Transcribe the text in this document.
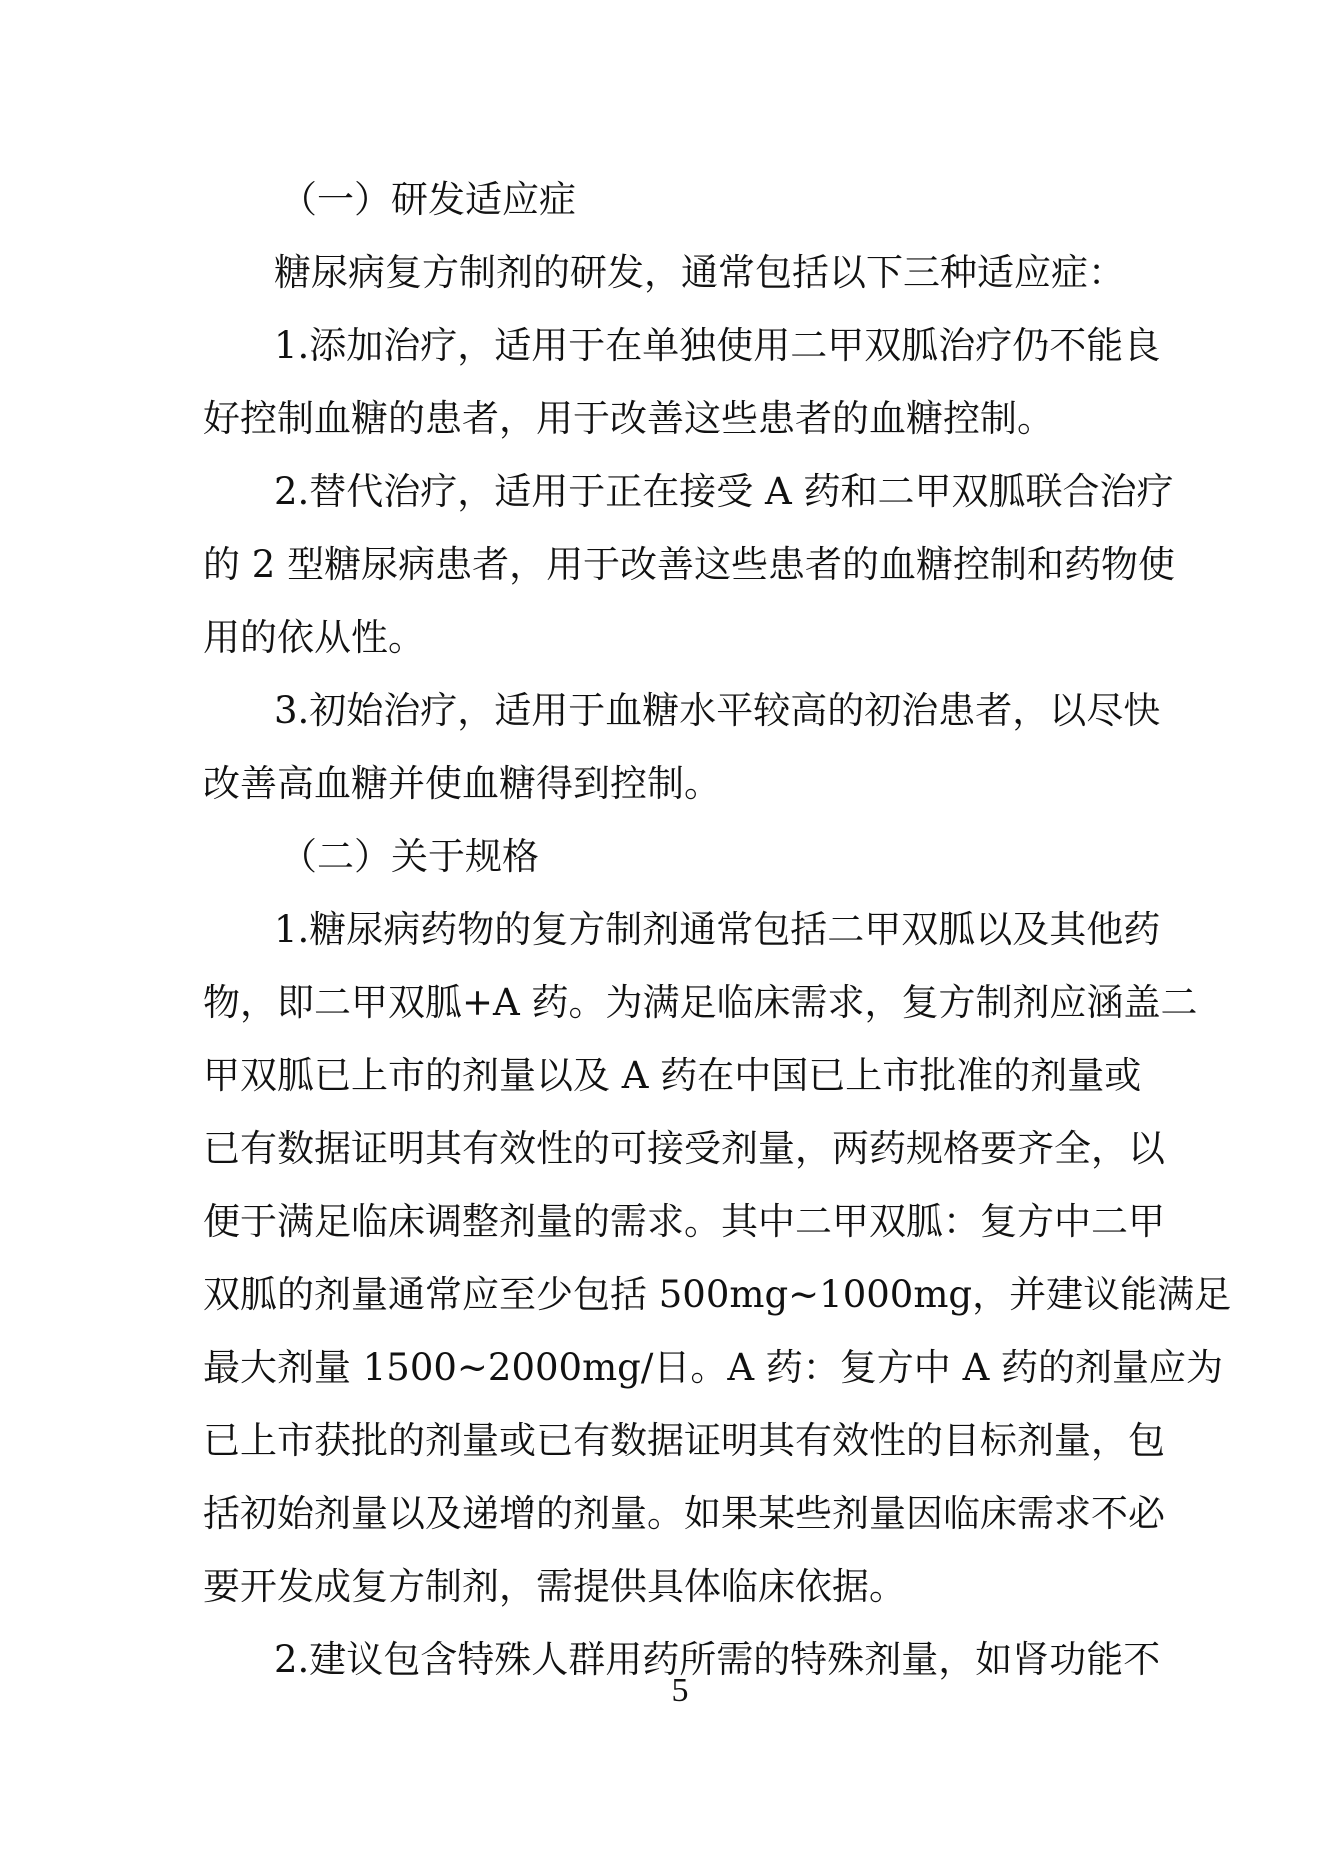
（一）研发适应症

糖尿病复方制剂的研发，通常包括以下三种适应症：

1.添加治疗，适用于在单独使用二甲双胍治疗仍不能良

好控制血糖的患者，用于改善这些患者的血糖控制。

2.替代治疗，适用于正在接受 A 药和二甲双胍联合治疗

的 2 型糖尿病患者，用于改善这些患者的血糖控制和药物使

用的依从性。

3.初始治疗，适用于血糖水平较高的初治患者，以尽快

改善高血糖并使血糖得到控制。

（二）关于规格

1.糖尿病药物的复方制剂通常包括二甲双胍以及其他药

物，即二甲双胍+A 药。为满足临床需求，复方制剂应涵盖二

甲双胍已上市的剂量以及 A 药在中国已上市批准的剂量或

已有数据证明其有效性的可接受剂量，两药规格要齐全，以

便于满足临床调整剂量的需求。其中二甲双胍：复方中二甲

双胍的剂量通常应至少包括 500mg~1000mg，并建议能满足

最大剂量 1500~2000mg/日。A 药：复方中 A 药的剂量应为

已上市获批的剂量或已有数据证明其有效性的目标剂量，包

括初始剂量以及递增的剂量。如果某些剂量因临床需求不必

要开发成复方制剂，需提供具体临床依据。

2.建议包含特殊人群用药所需的特殊剂量，如肾功能不

5
